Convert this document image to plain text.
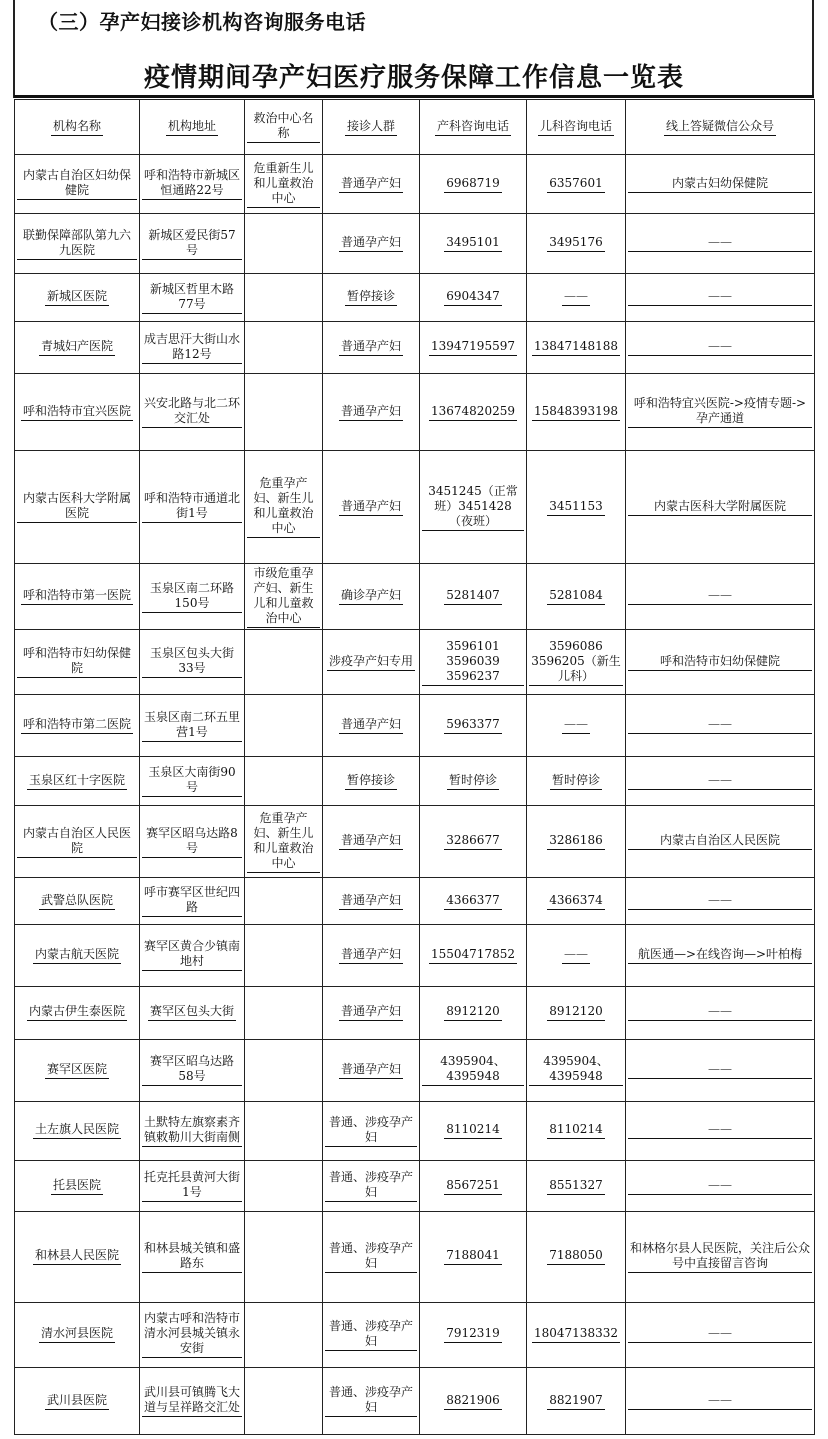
（三）孕产妇接诊机构咨询服务电话
疫情期间孕产妇医疗服务保障工作信息一览表
机构名称	机构地址	救治中心名称	接诊人群	产科咨询电话	儿科咨询电话	线上答疑微信公众号
内蒙古自治区妇幼保健院	呼和浩特市新城区恒通路22号	危重新生儿和儿童救治中心	普通孕产妇	6968719	6357601	内蒙古妇幼保健院

联勤保障部队第九六九医院	新城区爱民街57号		普通孕产妇	3495101	3495176	——

新城区医院	新城区哲里木路77号		暂停接诊	6904347	——	——

青城妇产医院	成吉思汗大街山水路12号		普通孕产妇	13947195597	13847148188	——

呼和浩特市宜兴医院	兴安北路与北二环交汇处		普通孕产妇	13674820259	15848393198	呼和浩特宜兴医院->疫情专题->孕产通道

内蒙古医科大学附属医院	呼和浩特市通道北街1号	危重孕产妇、新生儿和儿童救治中心	普通孕产妇	3451245（正常班）3451428（夜班）	3451153	内蒙古医科大学附属医院

呼和浩特市第一医院	玉泉区南二环路150号	市级危重孕产妇、新生儿和儿童救治中心	确诊孕产妇	5281407	5281084	——

呼和浩特市妇幼保健院	玉泉区包头大街33号		涉疫孕产妇专用	3596101 3596039 3596237	3596086 3596205（新生儿科）	呼和浩特市妇幼保健院

呼和浩特市第二医院	玉泉区南二环五里营1号		普通孕产妇	5963377	——	——

玉泉区红十字医院	玉泉区大南街90号		暂停接诊	暂时停诊	暂时停诊	——

内蒙古自治区人民医院	赛罕区昭乌达路8号	危重孕产妇、新生儿和儿童救治中心	普通孕产妇	3286677	3286186	内蒙古自治区人民医院

武警总队医院	呼市赛罕区世纪四路		普通孕产妇	4366377	4366374	——

内蒙古航天医院	赛罕区黄合少镇南地村		普通孕产妇	15504717852	——	航医通—>在线咨询—>叶柏梅

内蒙古伊生泰医院	赛罕区包头大街		普通孕产妇	8912120	8912120	——

赛罕区医院	赛罕区昭乌达路58号		普通孕产妇	4395904、4395948	4395904、4395948	——

土左旗人民医院	土默特左旗察素齐镇敕勒川大街南侧		普通、涉疫孕产妇	8110214	8110214	——

托县医院	托克托县黄河大街1号		普通、涉疫孕产妇	8567251	8551327	——

和林县人民医院	和林县城关镇和盛路东		普通、涉疫孕产妇	7188041	7188050	和林格尔县人民医院，关注后公众号中直接留言咨询

清水河县医院	内蒙古呼和浩特市清水河县城关镇永安街		普通、涉疫孕产妇	7912319	18047138332	——

武川县医院	武川县可镇腾飞大道与呈祥路交汇处		普通、涉疫孕产妇	8821906	8821907	——
